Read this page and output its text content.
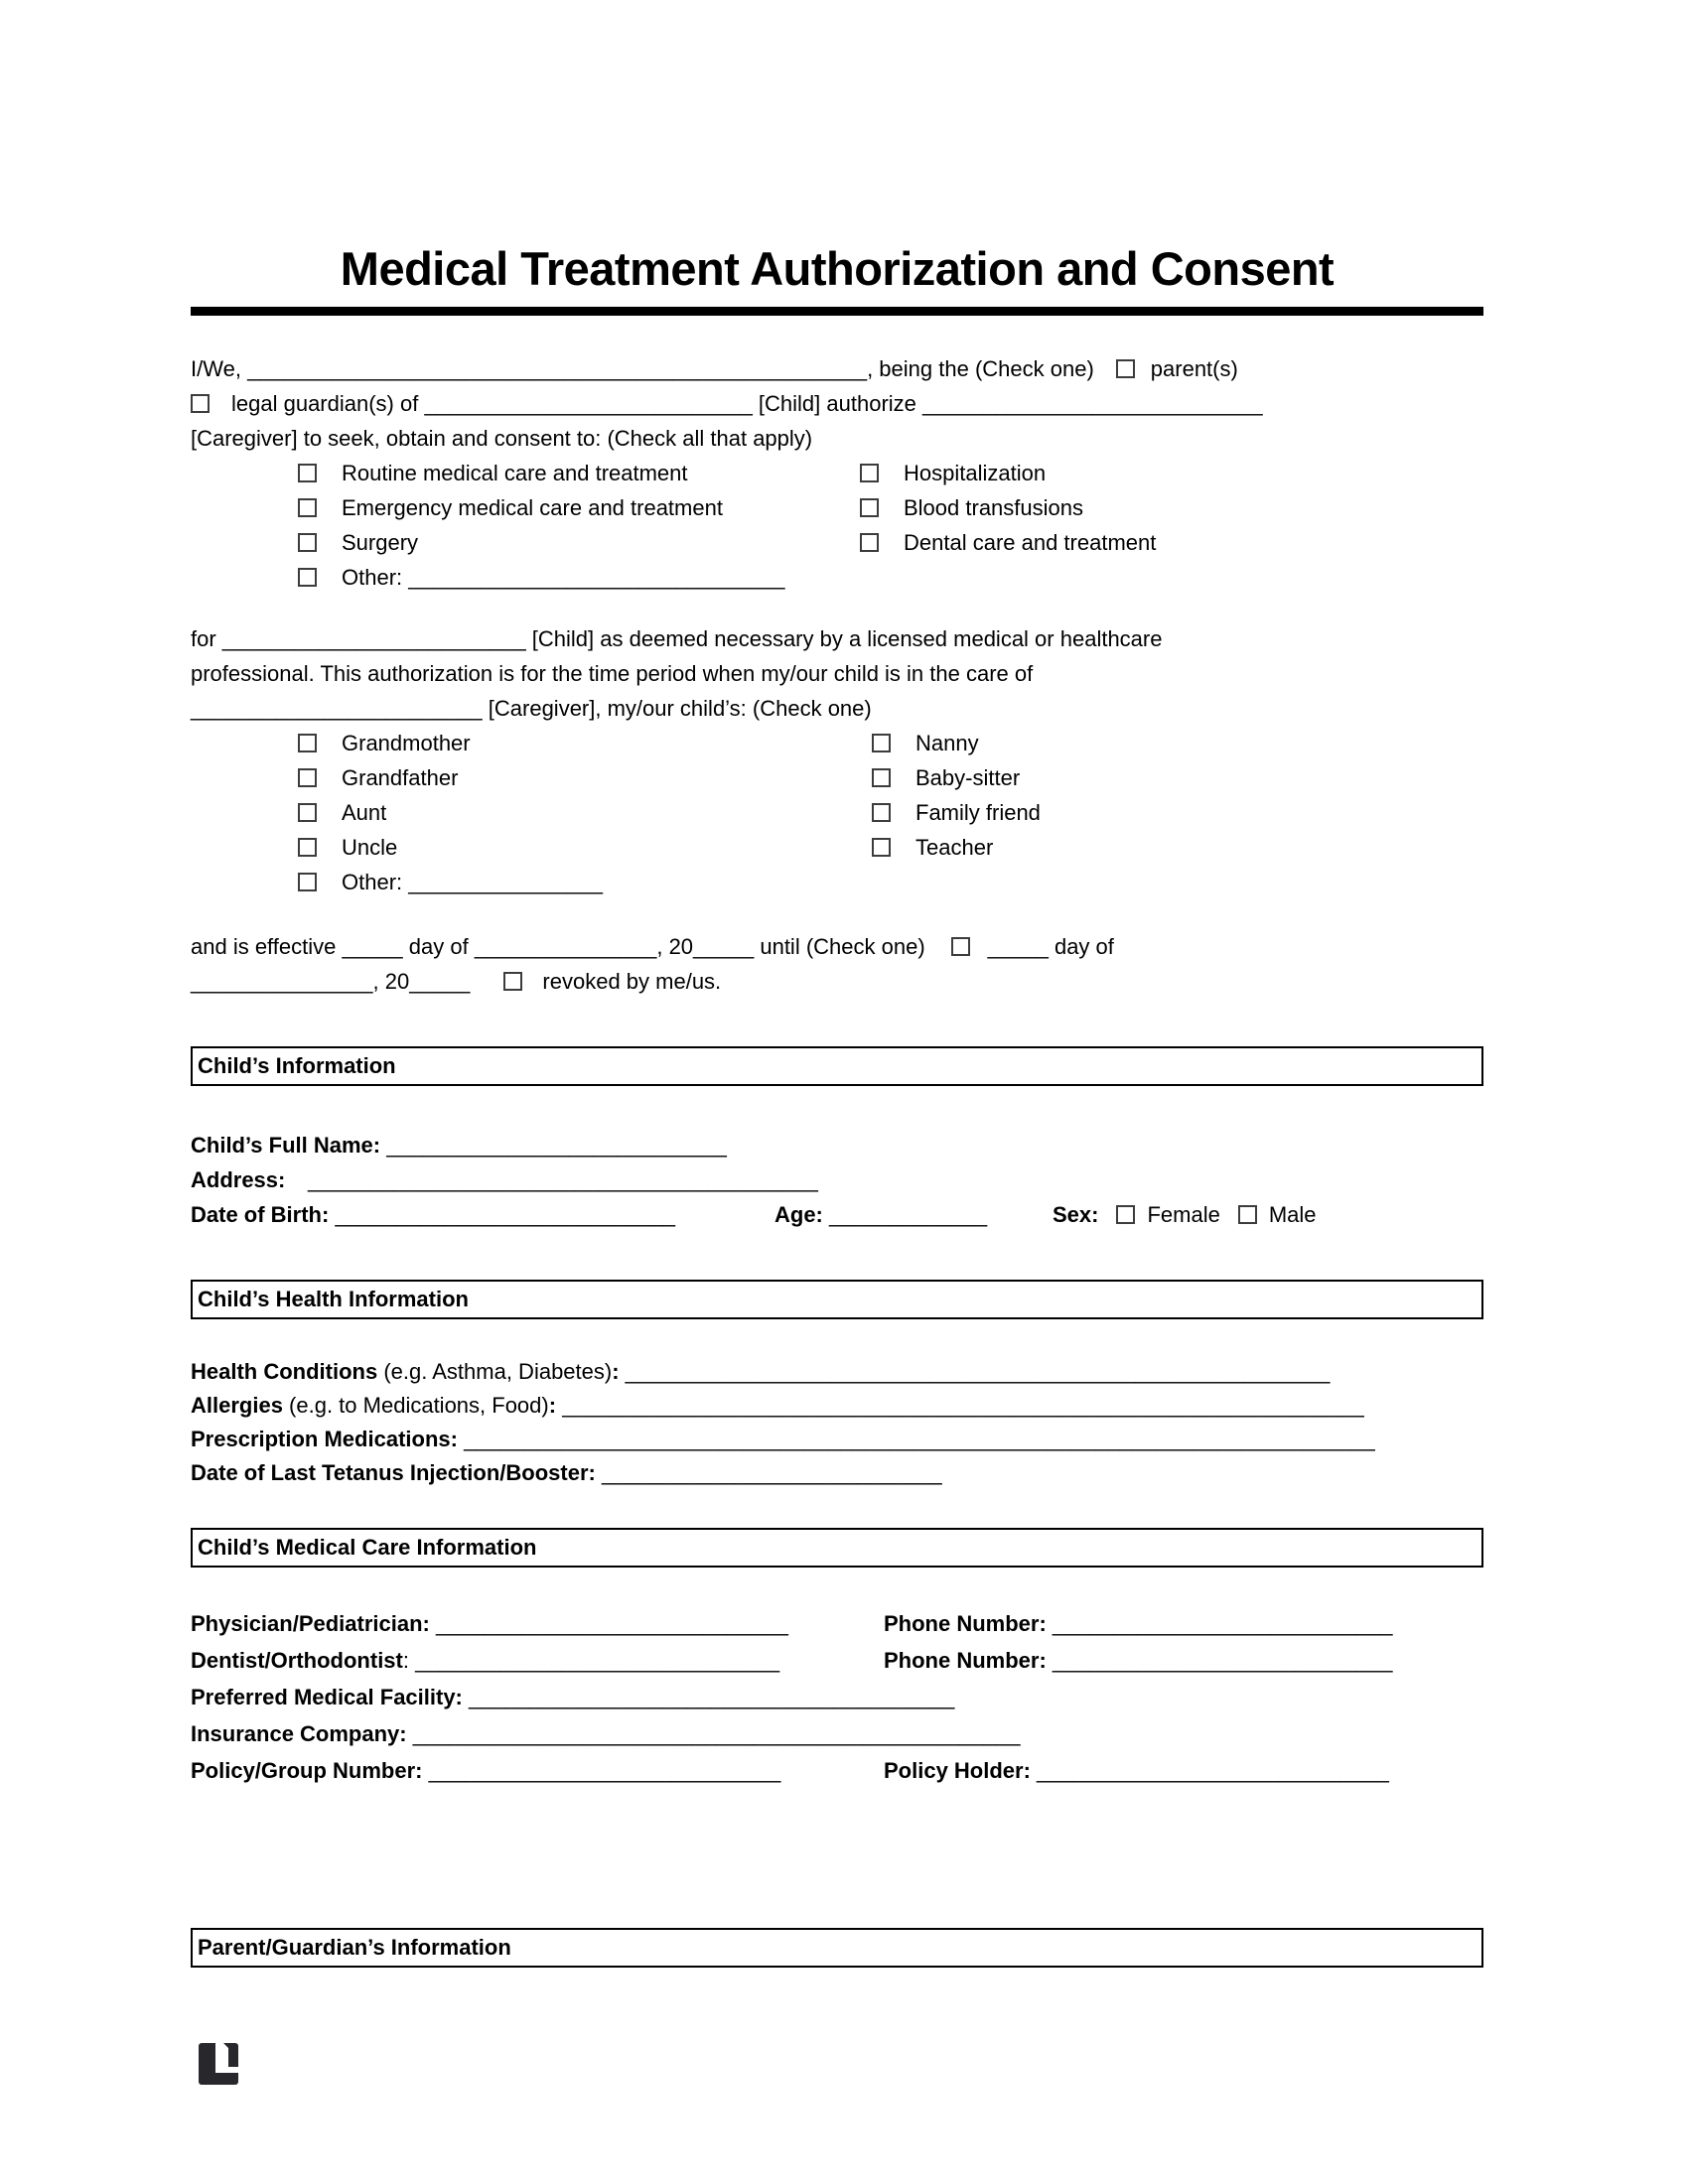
Medical Treatment Authorization and Consent

I/We, ___________________________________________________, being the (Check one)	parent(s)
legal guardian(s) of ___________________________ [Child] authorize ____________________________
[Caregiver] to seek, obtain and consent to: (Check all that apply)

Routine medical care and treatment	Hospitalization
Emergency medical care and treatment	Blood transfusions
Surgery	Dental care and treatment
Other: _______________________________

for _________________________ [Child] as deemed necessary by a licensed medical or healthcare
professional. This authorization is for the time period when my/our child is in the care of
________________________ [Caregiver], my/our child’s: (Check one)

Grandmother	Nanny
Grandfather	Baby-sitter
Aunt	Family friend
Uncle	Teacher
Other: ________________

and is effective _____ day of _______________, 20_____ until (Check one)	_____ day of
_______________, 20_____	revoked by me/us.

Child’s Information
Child’s Full Name: ____________________________
Address: __________________________________________
Date of Birth: ____________________________	Age: _____________	Sex: Female Male
Child’s Health Information
Health Conditions (e.g. Asthma, Diabetes): __________________________________________________________
Allergies (e.g. to Medications, Food): __________________________________________________________________
Prescription Medications: ___________________________________________________________________________
Date of Last Tetanus Injection/Booster: ____________________________
Child’s Medical Care Information
Physician/Pediatrician: _____________________________	Phone Number: ____________________________
Dentist/Orthodontist: ______________________________	Phone Number: ____________________________
Preferred Medical Facility: ________________________________________
Insurance Company: __________________________________________________
Policy/Group Number: _____________________________	Policy Holder: _____________________________
Parent/Guardian’s Information
